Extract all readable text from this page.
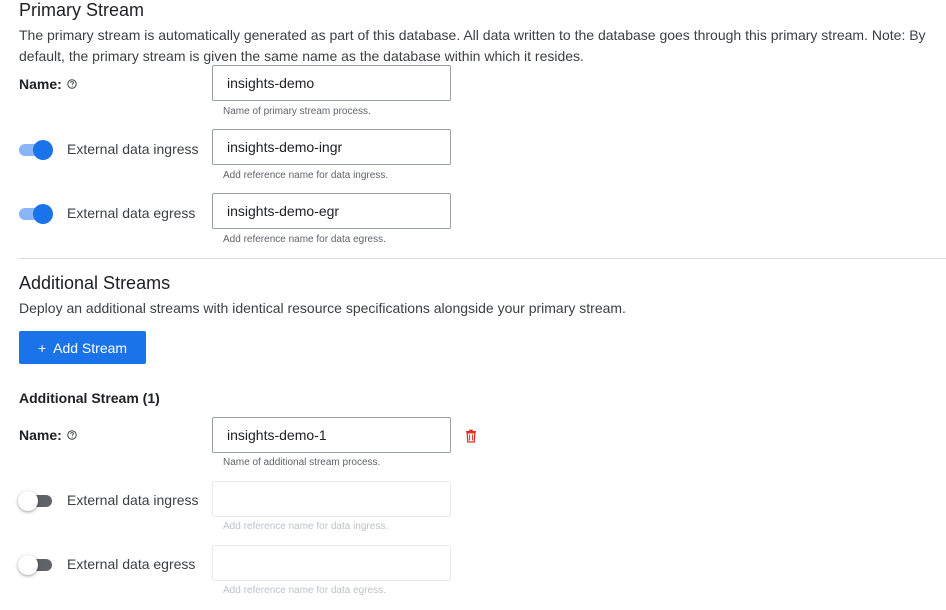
Primary Stream
The primary stream is automatically generated as part of this database. All data written to the database goes through this primary stream. Note: By default, the primary stream is given the same name as the database within which it resides.
Name:
insights-demo
Name of primary stream process.
External data ingress
insights-demo-ingr
Add reference name for data ingress.
External data egress
insights-demo-egr
Add reference name for data egress.
Additional Streams
Deploy an additional streams with identical resource specifications alongside your primary stream.
+ Add Stream
Additional Stream (1)
Name:
insights-demo-1
Name of additional stream process.
External data ingress
Add reference name for data ingress.
External data egress
Add reference name for data egress.
